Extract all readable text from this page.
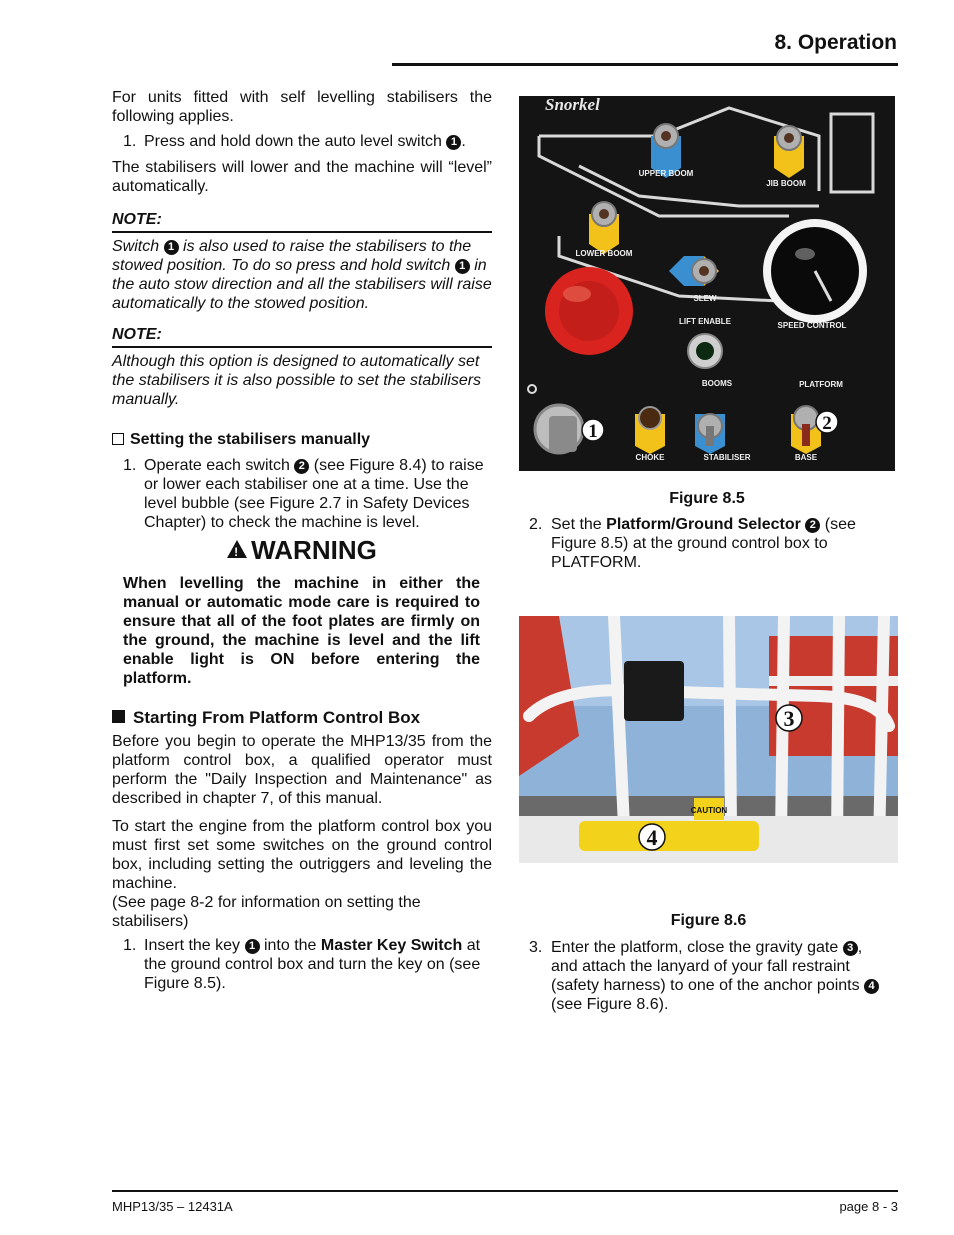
8. Operation
For units fitted with self levelling stabilisers the following applies.
1. Press and hold down the auto level switch 1 .
The stabilisers will lower and the machine will “level” automatically.
NOTE:
Switch 1 is also used to raise the stabilisers to the stowed position. To do so press and hold switch 1 in the auto stow direction and all the stabilisers will raise automatically to the stowed position.
NOTE:
Although this option is designed to automatically set the stabilisers it is also possible to set the stabilisers manually.
Setting the stabilisers manually
1. Operate each switch 2 (see Figure 8.4) to raise or lower each stabiliser one at a time. Use the level bubble (see Figure 2.7 in Safety Devices Chapter) to check the machine is level.
!WARNING
When levelling the machine in either the manual or automatic mode care is required to ensure that all of the foot plates are firmly on the ground, the machine is level and the lift enable light is ON before entering the platform.
Starting From Platform Control Box
Before you begin to operate the MHP13/35 from the platform control box, a qualified operator must perform the "Daily Inspection and Maintenance" as described in chapter 7, of this manual.
To start the engine from the platform control box you must first set some switches on the ground control box, including setting the outriggers and leveling the machine.
(See page 8-2 for information on setting the stabilisers)
1. Insert the key 1 into the Master Key Switch at the ground control box and turn the key on (see Figure 8.5).
Snorkel
UPPER BOOM
JIB BOOM
LOWER BOOM
SLEW
LIFT ENABLE	SPEED CONTROL
BOOMS	PLATFORM
CHOKE	STABILISER	BASE
1	2
Figure 8.5
2. Set the Platform/Ground Selector 2 (see Figure 8.5) at the ground control box to PLATFORM.
CAUTION
3
4
Figure 8.6
3. Enter the platform, close the gravity gate 3 , and attach the lanyard of your fall restraint (safety harness) to one of the anchor points 4 (see Figure 8.6).
MHP13/35 – 12431A	page 8 - 3
